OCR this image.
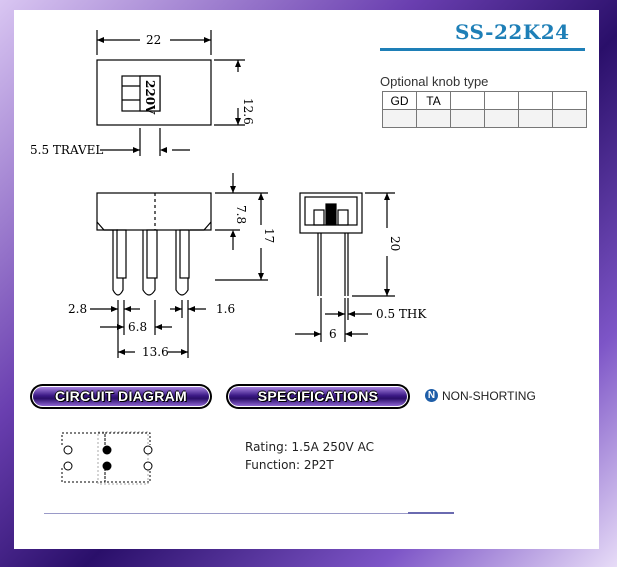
SS-22K24
Optional knob type
GD	TA				

22
12.6
220V
5.5 TRAVEL
7.8
17
2.8
6.8
1.6
13.6
20
6
0.5 THK
CIRCUIT DIAGRAM	SPECIFICATIONS	N NON-SHORTING
Rating: 1.5A 250V AC
Function: 2P2T
